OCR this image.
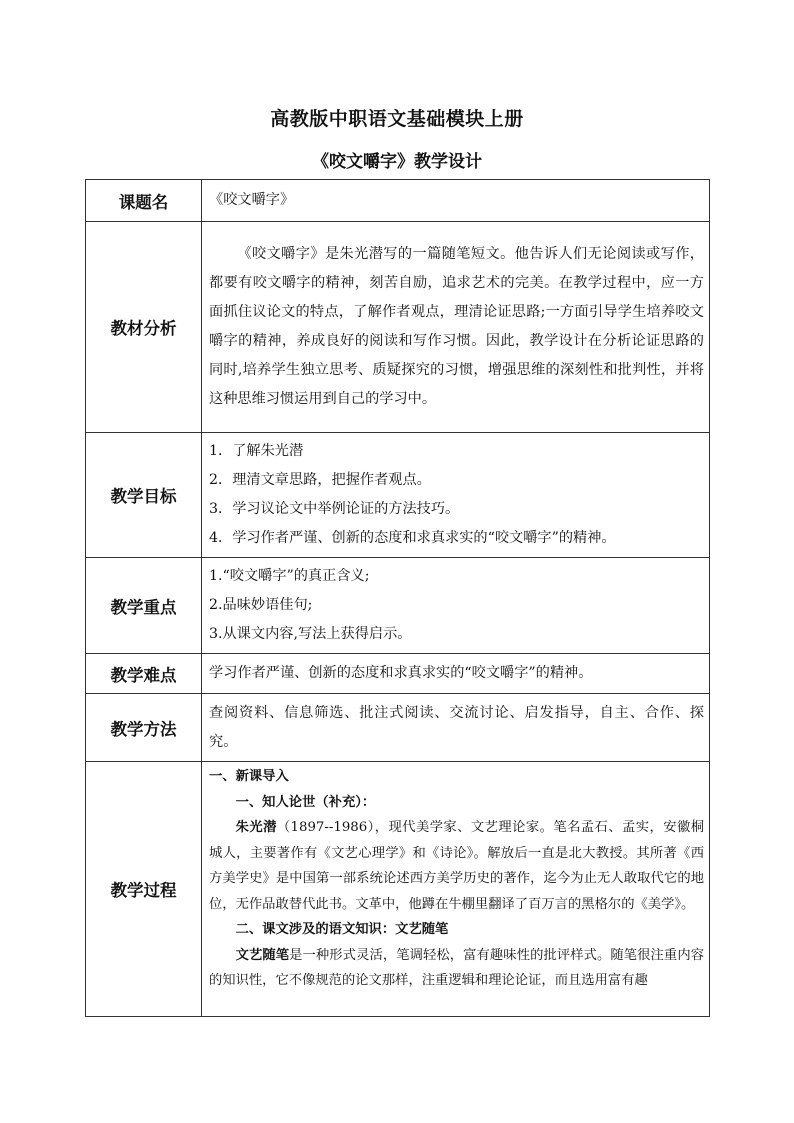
高教版中职语文基础模块上册
《咬文嚼字》教学设计
课题名	《咬文嚼字》
教材分析	《咬文嚼字》是朱光潜写的一篇随笔短文。他告诉人们无论阅读或写作，都要有咬文嚼字的精神，刻苦自励，追求艺术的完美。在教学过程中，应一方面抓住议论文的特点，了解作者观点，理清论证思路;一方面引导学生培养咬文嚼字的精神，养成良好的阅读和写作习惯。因此，教学设计在分析论证思路的同时,培养学生独立思考、质疑探究的习惯，增强思维的深刻性和批判性，并将这种思维习惯运用到自己的学习中。

教学目标	1．了解朱光潜
2．理清文章思路，把握作者观点。
3．学习议论文中举例论证的方法技巧。
4．学习作者严谨、创新的态度和求真求实的“咬文嚼字”的精神。

教学重点	1.“咬文嚼字”的真正含义;
2.品味妙语佳句;
3.从课文内容,写法上获得启示。

教学难点	学习作者严谨、创新的态度和求真求实的“咬文嚼字”的精神。
教学方法	查阅资料、信息筛选、批注式阅读、交流讨论、启发指导，自主、合作、探究。

教学过程	一、新课导入
一、知人论世（补充）：
朱光潜（1897--1986），现代美学家、文艺理论家。笔名孟石、孟实，安徽桐城人，主要著作有《文艺心理学》和《诗论》。解放后一直是北大教授。其所著《西方美学史》是中国第一部系统论述西方美学历史的著作，迄今为止无人敢取代它的地位，无作品敢替代此书。文革中，他蹲在牛棚里翻译了百万言的黑格尔的《美学》。
二、课文涉及的语文知识：文艺随笔
文艺随笔是一种形式灵活，笔调轻松，富有趣味性的批评样式。随笔很注重内容的知识性，它不像规范的论文那样，注重逻辑和理论论证，而且选用富有趣
